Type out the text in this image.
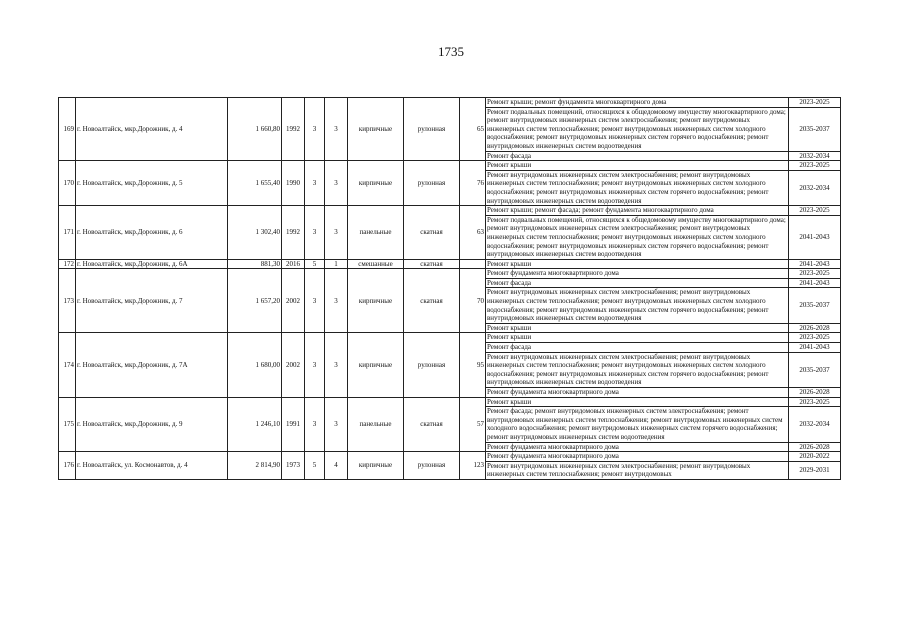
1735
169	г. Новоалтайск, мкр.Дорожник, д. 4	1 660,80	1992	3	3	кирпичные	рулонная	65	Ремонт крыши; ремонт фундамента многоквартирного дома	2023-2025
									Ремонт подвальных помещений, относящихся к общедомовому имуществу многоквартирного дома; ремонт внутридомовых инженерных систем электроснабжения; ремонт внутридомовых инженерных систем теплоснабжения; ремонт внутридомовых инженерных систем холодного водоснабжения; ремонт внутридомовых инженерных систем горячего водоснабжения; ремонт внутридомовых инженерных систем водоотведения	2035-2037
									Ремонт фасада	2032-2034
170	г. Новоалтайск, мкр.Дорожник, д. 5	1 655,40	1990	3	3	кирпичные	рулонная	76	Ремонт крыши	2023-2025
									Ремонт внутридомовых инженерных систем электроснабжения; ремонт внутридомовых инженерных систем теплоснабжения; ремонт внутридомовых инженерных систем холодного водоснабжения; ремонт внутридомовых инженерных систем горячего водоснабжения; ремонт внутридомовых инженерных систем водоотведения	2032-2034
171	г. Новоалтайск, мкр.Дорожник, д. 6	1 302,40	1992	3	3	панельные	скатная	63	Ремонт крыши; ремонт фасада; ремонт фундамента многоквартирного дома	2023-2025
									Ремонт подвальных помещений, относящихся к общедомовому имуществу многоквартирного дома; ремонт внутридомовых инженерных систем электроснабжения; ремонт внутридомовых инженерных систем теплоснабжения; ремонт внутридомовых инженерных систем холодного водоснабжения; ремонт внутридомовых инженерных систем горячего водоснабжения; ремонт внутридомовых инженерных систем водоотведения	2041-2043
172	г. Новоалтайск, мкр.Дорожник, д. 6А	881,30	2016	5	1	смешанные	скатная		Ремонт крыши	2041-2043
173	г. Новоалтайск, мкр.Дорожник, д. 7	1 657,20	2002	3	3	кирпичные	скатная	70	Ремонт фундамента многоквартирного дома	2023-2025
									Ремонт фасада	2041-2043
									Ремонт внутридомовых инженерных систем электроснабжения; ремонт внутридомовых инженерных систем теплоснабжения; ремонт внутридомовых инженерных систем холодного водоснабжения; ремонт внутридомовых инженерных систем горячего водоснабжения; ремонт внутридомовых инженерных систем водоотведения	2035-2037
									Ремонт крыши	2026-2028
174	г. Новоалтайск, мкр.Дорожник, д. 7А	1 680,00	2002	3	3	кирпичные	рулонная	95	Ремонт крыши	2023-2025
									Ремонт фасада	2041-2043
									Ремонт внутридомовых инженерных систем электроснабжения; ремонт внутридомовых инженерных систем теплоснабжения; ремонт внутридомовых инженерных систем холодного водоснабжения; ремонт внутридомовых инженерных систем горячего водоснабжения; ремонт внутридомовых инженерных систем водоотведения	2035-2037
									Ремонт фундамента многоквартирного дома	2026-2028
175	г. Новоалтайск, мкр.Дорожник, д. 9	1 246,10	1991	3	3	панельные	скатная	57	Ремонт крыши	2023-2025
									Ремонт фасада; ремонт внутридомовых инженерных систем электроснабжения; ремонт внутридомовых инженерных систем теплоснабжения; ремонт внутридомовых инженерных систем холодного водоснабжения; ремонт внутридомовых инженерных систем горячего водоснабжения; ремонт внутридомовых инженерных систем водоотведения	2032-2034
									Ремонт фундамента многоквартирного дома	2026-2028
176	г. Новоалтайск, ул. Космонавтов, д. 4	2 814,90	1973	5	4	кирпичные	рулонная	123	Ремонт фундамента многоквартирного дома	2020-2022
									Ремонт внутридомовых инженерных систем электроснабжения; ремонт внутридомовых инженерных систем теплоснабжения; ремонт внутридомовых	2029-2031
